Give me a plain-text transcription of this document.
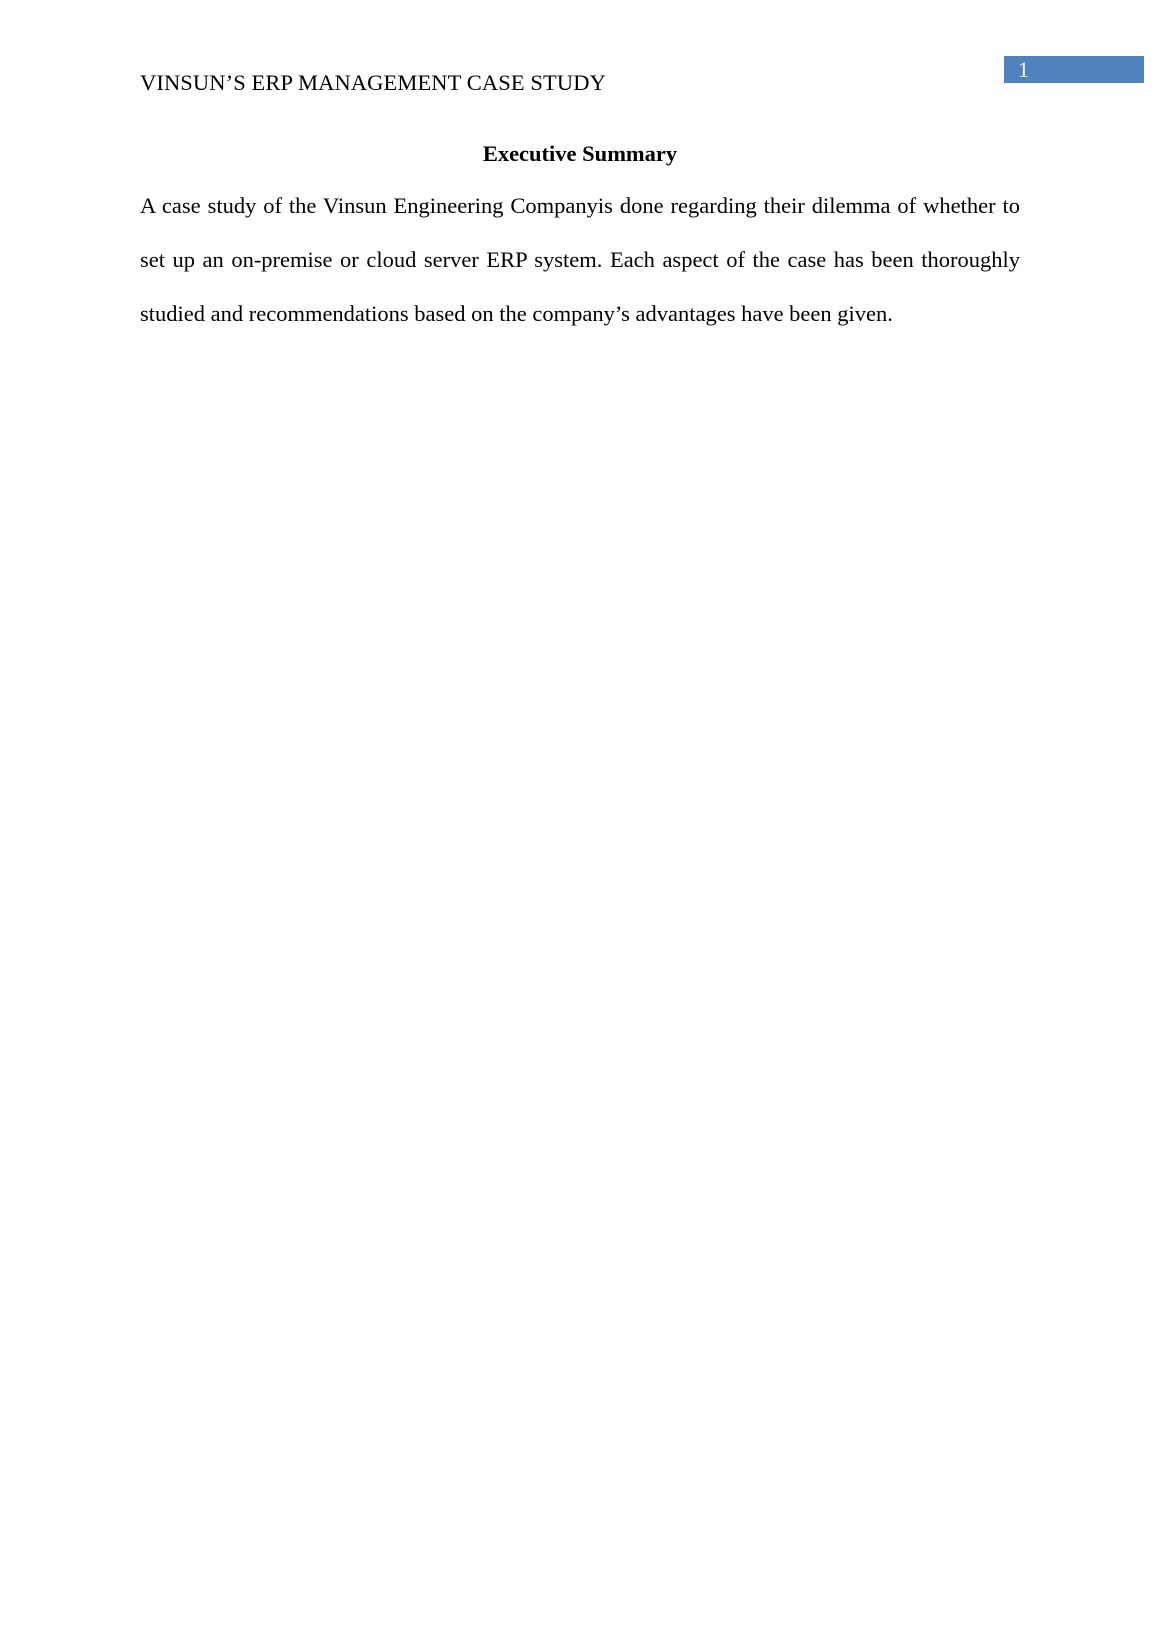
VINSUN’S ERP MANAGEMENT CASE STUDY
1
Executive Summary

A case study of the Vinsun Engineering Companyis done regarding their dilemma of whether to set up an on-premise or cloud server ERP system. Each aspect of the case has been thoroughly studied and recommendations based on the company’s advantages have been given.
